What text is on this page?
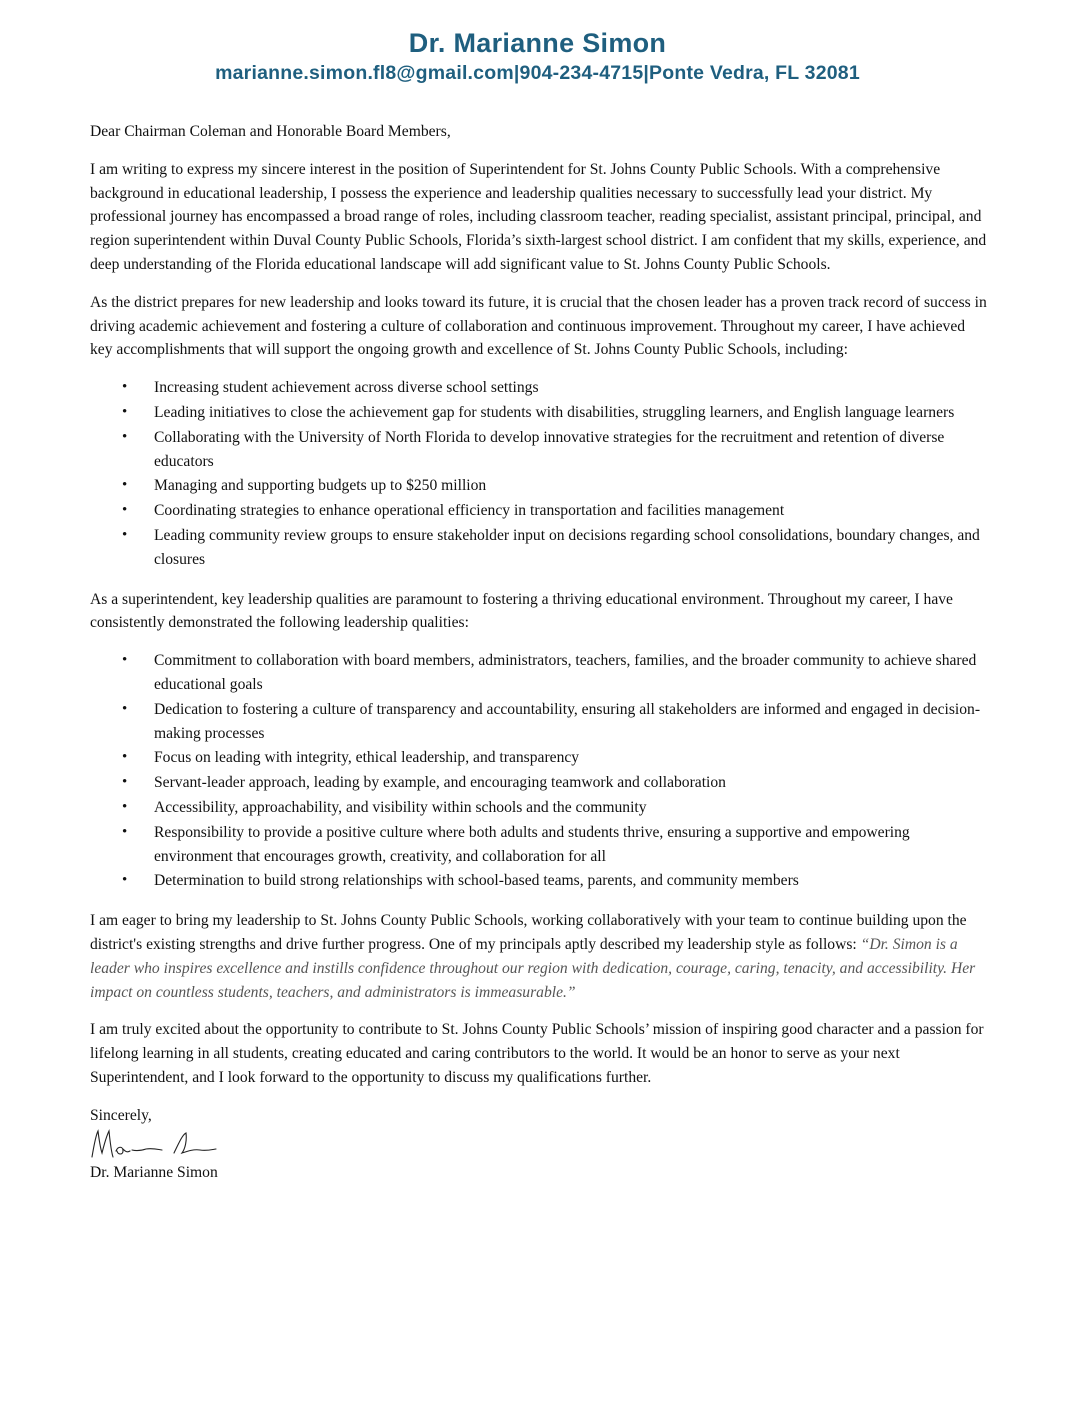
Dr. Marianne Simon
marianne.simon.fl8@gmail.com|904-234-4715|Ponte Vedra, FL 32081

Dear Chairman Coleman and Honorable Board Members,

I am writing to express my sincere interest in the position of Superintendent for St. Johns County Public Schools. With a comprehensive background in educational leadership, I possess the experience and leadership qualities necessary to successfully lead your district. My professional journey has encompassed a broad range of roles, including classroom teacher, reading specialist, assistant principal, principal, and region superintendent within Duval County Public Schools, Florida’s sixth-largest school district. I am confident that my skills, experience, and deep understanding of the Florida educational landscape will add significant value to St. Johns County Public Schools.

As the district prepares for new leadership and looks toward its future, it is crucial that the chosen leader has a proven track record of success in driving academic achievement and fostering a culture of collaboration and continuous improvement. Throughout my career, I have achieved key accomplishments that will support the ongoing growth and excellence of St. Johns County Public Schools, including:

• Increasing student achievement across diverse school settings
• Leading initiatives to close the achievement gap for students with disabilities, struggling learners, and English language learners
• Collaborating with the University of North Florida to develop innovative strategies for the recruitment and retention of diverse educators
• Managing and supporting budgets up to $250 million
• Coordinating strategies to enhance operational efficiency in transportation and facilities management
• Leading community review groups to ensure stakeholder input on decisions regarding school consolidations, boundary changes, and closures

As a superintendent, key leadership qualities are paramount to fostering a thriving educational environment. Throughout my career, I have consistently demonstrated the following leadership qualities:

• Commitment to collaboration with board members, administrators, teachers, families, and the broader community to achieve shared educational goals
• Dedication to fostering a culture of transparency and accountability, ensuring all stakeholders are informed and engaged in decision-making processes
• Focus on leading with integrity, ethical leadership, and transparency
• Servant-leader approach, leading by example, and encouraging teamwork and collaboration
• Accessibility, approachability, and visibility within schools and the community
• Responsibility to provide a positive culture where both adults and students thrive, ensuring a supportive and empowering environment that encourages growth, creativity, and collaboration for all
• Determination to build strong relationships with school-based teams, parents, and community members

I am eager to bring my leadership to St. Johns County Public Schools, working collaboratively with your team to continue building upon the district's existing strengths and drive further progress. One of my principals aptly described my leadership style as follows: “Dr. Simon is a leader who inspires excellence and instills confidence throughout our region with dedication, courage, caring, tenacity, and accessibility. Her impact on countless students, teachers, and administrators is immeasurable.”

I am truly excited about the opportunity to contribute to St. Johns County Public Schools’ mission of inspiring good character and a passion for lifelong learning in all students, creating educated and caring contributors to the world. It would be an honor to serve as your next Superintendent, and I look forward to the opportunity to discuss my qualifications further.

Sincerely,
Dr. Marianne Simon
